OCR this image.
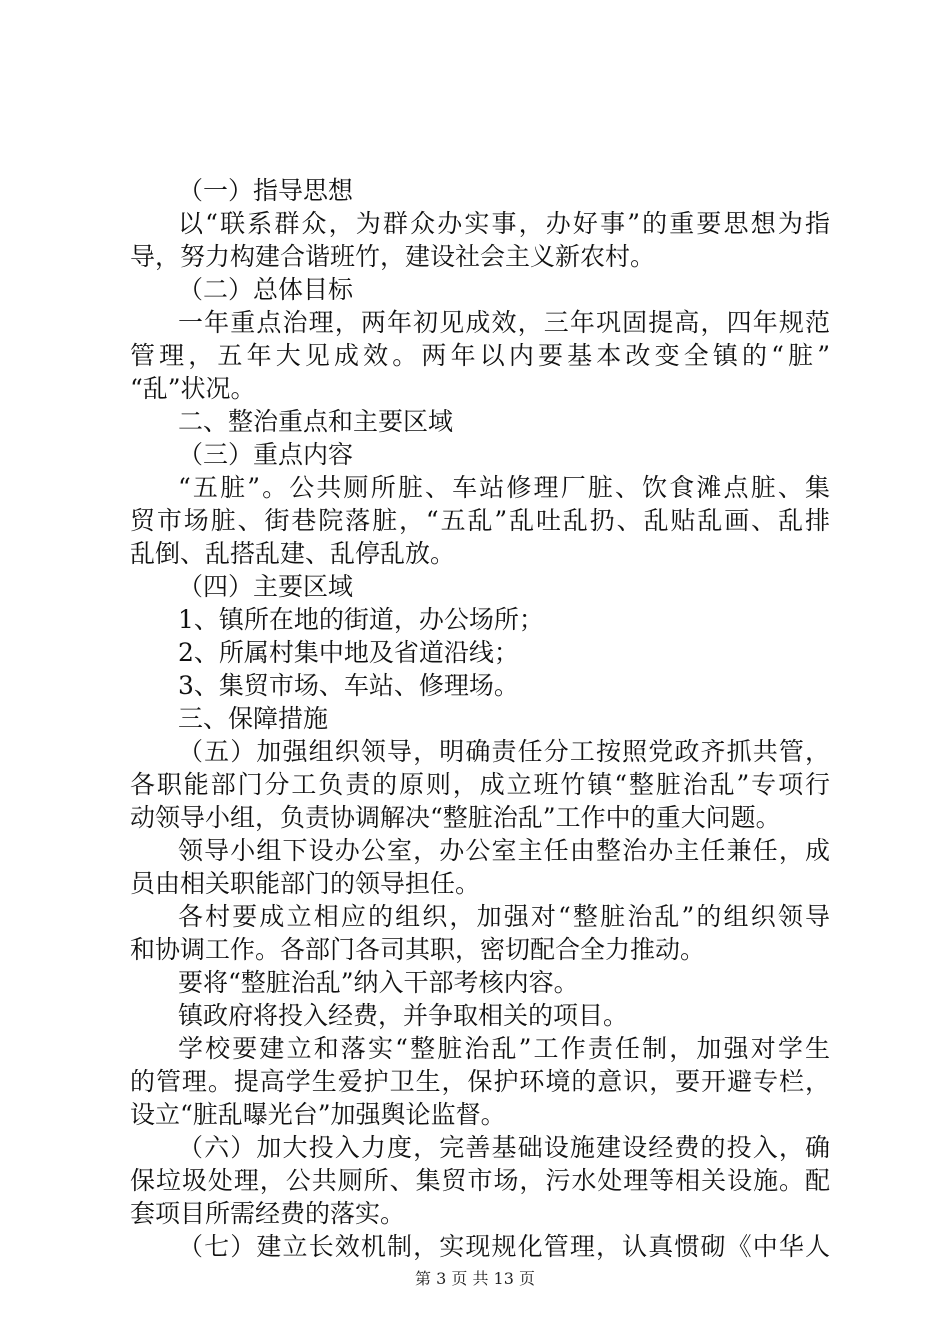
（一）指导思想
以“联系群众，为群众办实事，办好事”的重要思想为指
导，努力构建合谐班竹，建设社会主义新农村。
（二）总体目标
一年重点治理，两年初见成效，三年巩固提高，四年规范
管理，五年大见成效。两年以内要基本改变全镇的“脏”
“乱”状况。
二、整治重点和主要区域
（三）重点内容
“五脏”。公共厕所脏、车站修理厂脏、饮食滩点脏、集
贸市场脏、街巷院落脏，“五乱”乱吐乱扔、乱贴乱画、乱排
乱倒、乱搭乱建、乱停乱放。
（四）主要区域
1、镇所在地的街道，办公场所；
2、所属村集中地及省道沿线；
3、集贸市场、车站、修理场。
三、保障措施
（五）加强组织领导，明确责任分工按照党政齐抓共管，
各职能部门分工负责的原则，成立班竹镇“整脏治乱”专项行
动领导小组，负责协调解决“整脏治乱”工作中的重大问题。
领导小组下设办公室，办公室主任由整治办主任兼任，成
员由相关职能部门的领导担任。
各村要成立相应的组织，加强对“整脏治乱”的组织领导
和协调工作。各部门各司其职，密切配合全力推动。
要将“整脏治乱”纳入干部考核内容。
镇政府将投入经费，并争取相关的项目。
学校要建立和落实“整脏治乱”工作责任制，加强对学生
的管理。提高学生爱护卫生，保护环境的意识，要开避专栏，
设立“脏乱曝光台”加强舆论监督。
（六）加大投入力度，完善基础设施建设经费的投入，确
保垃圾处理，公共厕所、集贸市场，污水处理等相关设施。配
套项目所需经费的落实。
第 3 页 共 13 页
（七）建立长效机制，实现规化管理，认真惯砌《中华人
